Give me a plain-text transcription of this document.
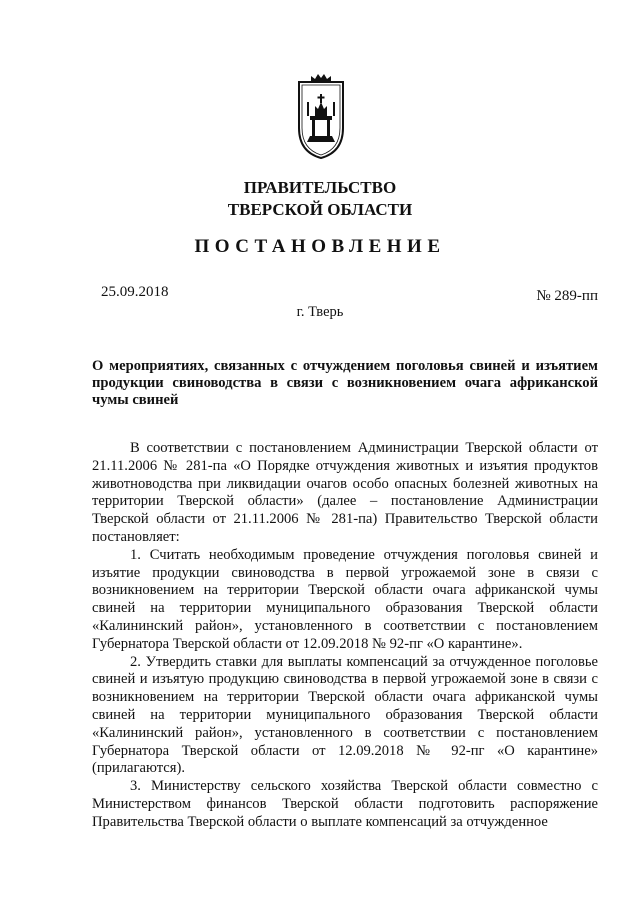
ПРАВИТЕЛЬСТВО
ТВЕРСКОЙ ОБЛАСТИ
ПОСТАНОВЛЕНИЕ
25.09.2018	№ 289-пп
г. Тверь
О мероприятиях, связанных с отчуждением поголовья свиней и изъятием продукции свиноводства в связи с возникновением очага африканской чумы свиней

В соответствии с постановлением Администрации Тверской области от 21.11.2006 № 281-па «О Порядке отчуждения животных и изъятия продуктов животноводства при ликвидации очагов особо опасных болезней животных на территории Тверской области» (далее – постановление Администрации Тверской области от 21.11.2006 № 281-па) Правительство Тверской области постановляет:

1. Считать необходимым проведение отчуждения поголовья свиней и изъятие продукции свиноводства в первой угрожаемой зоне в связи с возникновением на территории Тверской области очага африканской чумы свиней на территории муниципального образования Тверской области «Калининский район», установленного в соответствии с постановлением Губернатора Тверской области от 12.09.2018 № 92-пг «О карантине».

2. Утвердить ставки для выплаты компенсаций за отчужденное поголовье свиней и изъятую продукцию свиноводства в первой угрожаемой зоне в связи с возникновением на территории Тверской области очага африканской чумы свиней на территории муниципального образования Тверской области «Калининский район», установленного в соответствии с постановлением Губернатора Тверской области от 12.09.2018 № 92-пг «О карантине» (прилагаются).

3. Министерству сельского хозяйства Тверской области совместно с Министерством финансов Тверской области подготовить распоряжение Правительства Тверской области о выплате компенсаций за отчужденное
